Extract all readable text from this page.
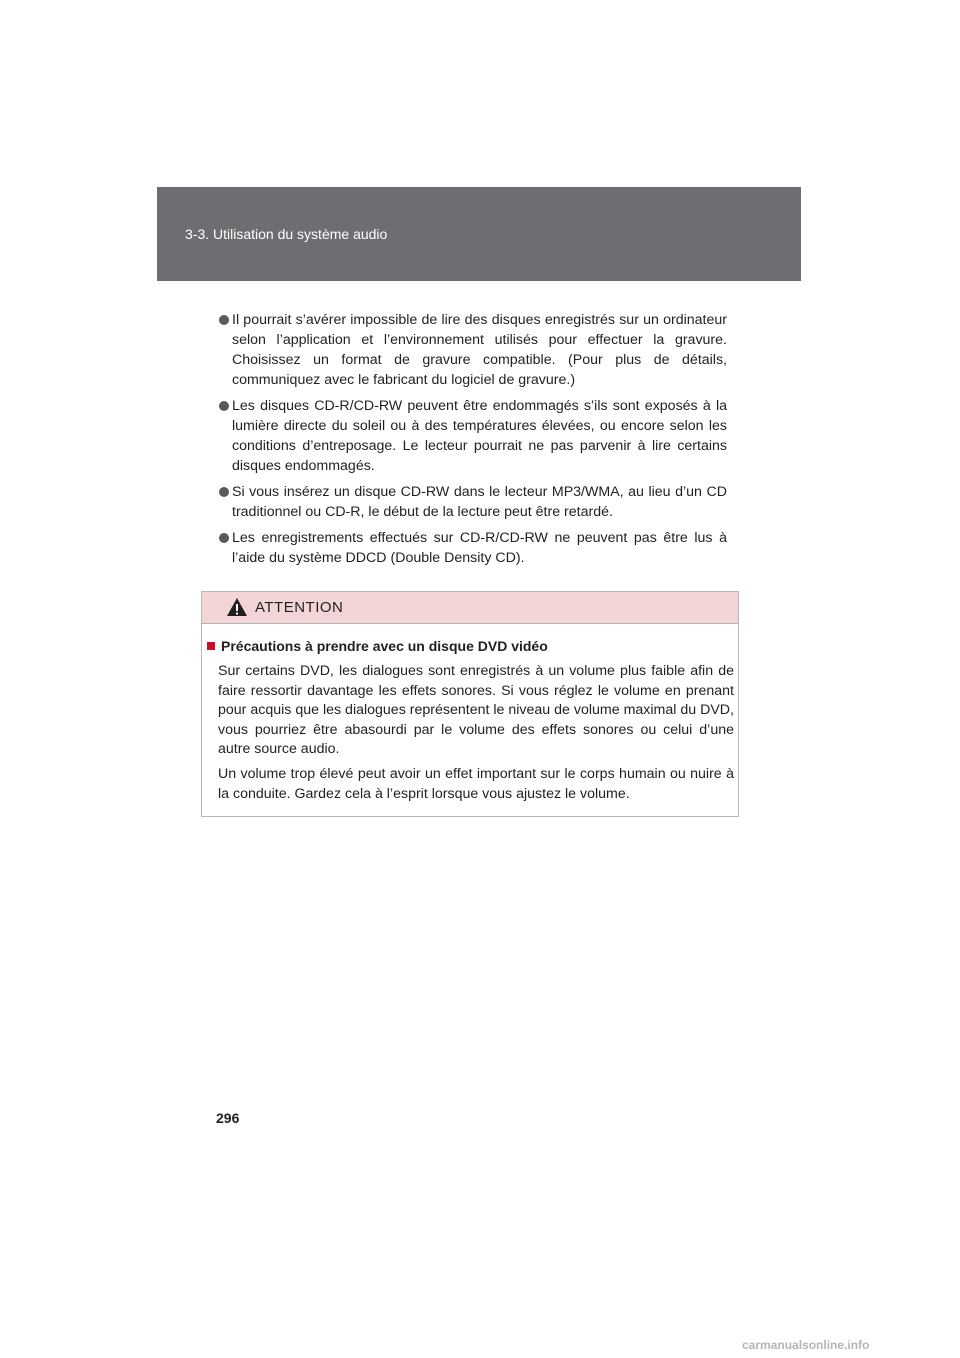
3-3. Utilisation du système audio
Il pourrait s’avérer impossible de lire des disques enregistrés sur un ordinateur selon l’application et l’environnement utilisés pour effectuer la gravure. Choisissez un format de gravure compatible. (Pour plus de détails, communiquez avec le fabricant du logiciel de gravure.)
Les disques CD-R/CD-RW peuvent être endommagés s’ils sont exposés à la lumière directe du soleil ou à des températures élevées, ou encore selon les conditions d’entreposage. Le lecteur pourrait ne pas parvenir à lire certains disques endommagés.
Si vous insérez un disque CD-RW dans le lecteur MP3/WMA, au lieu d’un CD traditionnel ou CD-R, le début de la lecture peut être retardé.
Les enregistrements effectués sur CD-R/CD-RW ne peuvent pas être lus à l’aide du système DDCD (Double Density CD).
ATTENTION
Précautions à prendre avec un disque DVD vidéo

Sur certains DVD, les dialogues sont enregistrés à un volume plus faible afin de faire ressortir davantage les effets sonores. Si vous réglez le volume en prenant pour acquis que les dialogues représentent le niveau de volume maximal du DVD, vous pourriez être abasourdi par le volume des effets sonores ou celui d’une autre source audio.

Un volume trop élevé peut avoir un effet important sur le corps humain ou nuire à la conduite. Gardez cela à l’esprit lorsque vous ajustez le volume.

296
carmanualsonline.info
